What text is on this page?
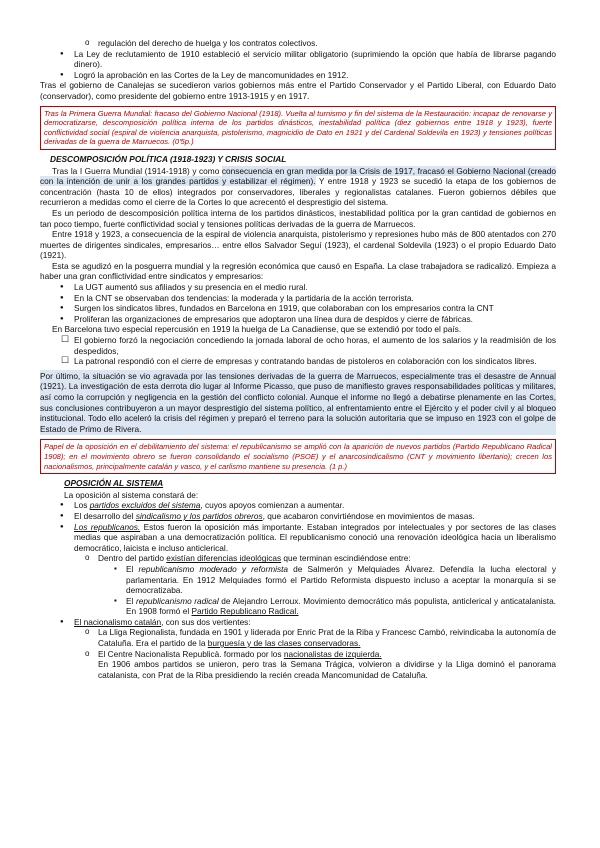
o regulación del derecho de huelga y los contratos colectivos.
● La Ley de reclutamiento de 1910 estableció el servicio militar obligatorio (suprimiendo la opción que había de librarse pagando dinero).
● Logró la aprobación en las Cortes de la Ley de mancomunidades en 1912.

Tras el gobierno de Canalejas se sucedieron varios gobiernos más entre el Partido Conservador y el Partido Liberal, con Eduardo Dato (conservador), como presidente del gobierno entre 1913-1915 y en 1917.

Tras la Primera Guerra Mundial: fracaso del Gobierno Nacional (1918). Vuelta al turnismo y fin del sistema de la Restauración: incapaz de renovarse y democratizarse, descomposición política interna de los partidos dinásticos, inestabilidad política (diez gobiernos entre 1918 y 1923), fuerte conflictividad social (espiral de violencia anarquista, pistolerismo, magnicidio de Dato en 1921 y del Cardenal Soldevila en 1923) y tensiones políticas derivadas de la guerra de Marruecos. (0'5p.)
DESCOMPOSICIÓN POLÍTICA (1918-1923) Y CRISIS SOCIAL

Tras la I Guerra Mundial (1914-1918) y como consecuencia en gran medida por la Crisis de 1917, fracasó el Gobierno Nacional (creado con la intención de unir a los grandes partidos y estabilizar el régimen). Y entre 1918 y 1923 se sucedió la etapa de los gobiernos de concentración (hasta 10 de ellos) integrados por conservadores, liberales y regionalistas catalanes. Fueron gobiernos débiles que recurrieron a medidas como el cierre de la Cortes lo que acrecentó el desprestigio del sistema.

Es un periodo de descomposición política interna de los partidos dinásticos, inestabilidad política por la gran cantidad de gobiernos en tan poco tiempo, fuerte conflictividad social y tensiones políticas derivadas de la guerra de Marruecos.

Entre 1918 y 1923, a consecuencia de la espiral de violencia anarquista, pistolerismo y represiones hubo más de 800 atentados con 270 muertes de dirigentes sindicales, empresarios… entre ellos Salvador Seguí (1923), el cardenal Soldevila (1923) o el propio Eduardo Dato (1921).

Esta se agudizó en la posguerra mundial y la regresión económica que causó en España. La clase trabajadora se radicalizó. Empieza a haber una gran conflictividad entre sindicatos y empresarios:

● La UGT aumentó sus afiliados y su presencia en el medio rural.
● En la CNT se observaban dos tendencias: la moderada y la partidaria de la acción terrorista.
● Surgen los sindicatos libres, fundados en Barcelona en 1919, que colaboraban con los empresarios contra la CNT
● Proliferan las organizaciones de empresarios que adoptaron una línea dura de despidos y cierre de fábricas.

En Barcelona tuvo especial repercusión en 1919 la huelga de La Canadiense, que se extendió por todo el país.

☐ El gobierno forzó la negociación concediendo la jornada laboral de ocho horas, el aumento de los salarios y la readmisión de los despedidos,
☐ La patronal respondió con el cierre de empresas y contratando bandas de pistoleros en colaboración con los sindicatos libres.

Por último, la situación se vio agravada por las tensiones derivadas de la guerra de Marruecos, especialmente tras el desastre de Annual (1921). La investigación de esta derrota dio lugar al Informe Picasso, que puso de manifiesto graves responsabilidades políticas y militares, así como la corrupción y negligencia en la gestión del conflicto colonial. Aunque el informe no llegó a debatirse plenamente en las Cortes, sus conclusiones contribuyeron a un mayor desprestigio del sistema político, al enfrentamiento entre el Ejército y el poder civil y al bloqueo institucional. Todo ello aceleró la crisis del régimen y preparó el terreno para la solución autoritaria que se impuso en 1923 con el golpe de Estado de Primo de Rivera.

Papel de la oposición en el debilitamiento del sistema: el republicanismo se amplió con la aparición de nuevos partidos (Partido Republicano Radical 1908); en el movimiento obrero se fueron consolidando el socialismo (PSOE) y el anarcosindicalismo (CNT y movimiento libertario); crecen los nacionalismos, principalmente catalán y vasco, y el carlismo mantiene su presencia. (1 p.)
OPOSICIÓN AL SISTEMA

La oposición al sistema constará de:

● Los partidos excluidos del sistema, cuyos apoyos comienzan a aumentar.
● El desarrollo del sindicalismo y los partidos obreros, que acabaron convirtiéndose en movimientos de masas.
● Los republicanos. Estos fueron la oposición más importante. Estaban integrados por intelectuales y por sectores de las clases medias que aspiraban a una democratización política. El republicanismo conoció una renovación ideológica hacia un liberalismo democrático, laicista e incluso anticlerical.
o Dentro del partido existían diferencias ideológicas que terminan escindiéndose entre:
▪ El republicanismo moderado y reformista de Salmerón y Melquiades Álvarez. Defendía la lucha electoral y parlamentaria. En 1912 Melquiades formó el Partido Reformista dispuesto incluso a aceptar la monarquía si se democratizaba.
▪ El republicanismo radical de Alejandro Lerroux. Movimiento democrático más populista, anticlerical y anticatalanista. En 1908 formó el Partido Republicano Radical.
● El nacionalismo catalán, con sus dos vertientes:
o La Lliga Regionalista, fundada en 1901 y liderada por Enric Prat de la Riba y Francesc Cambó, reivindicaba la autonomía de Cataluña. Era el partido de la burguesía y de las clases conservadoras.
o El Centre Nacionalista Republicà. formado por los nacionalistas de izquierda.

En 1906 ambos partidos se unieron, pero tras la Semana Trágica, volvieron a dividirse y la Lliga dominó el panorama catalanista, con Prat de la Riba presidiendo la recién creada Mancomunidad de Cataluña.
